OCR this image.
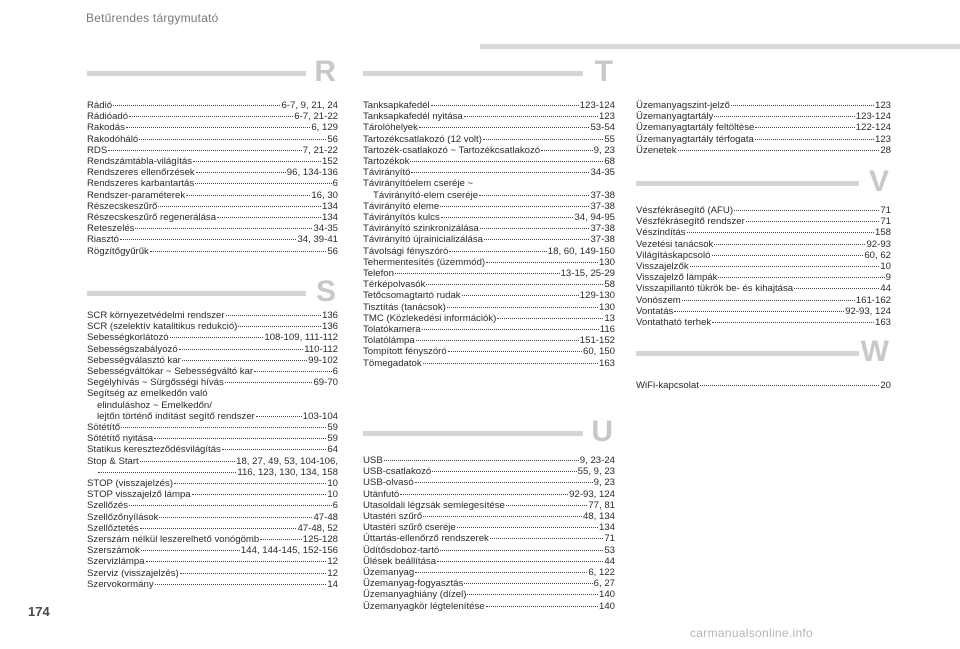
Betűrendes tárgymutató
R
Rádió	6-7, 9, 21, 24
Rádióadó	6-7, 21-22
Rakodás	6, 129
Rakodóháló	56
RDS	7, 21-22
Rendszámtábla-világítás	152
Rendszeres ellenőrzések	96, 134-136
Rendszeres karbantartás	6
Rendszer-paraméterek	16, 30
Részecskeszűrő	134
Részecskeszűrő regenerálása	134
Reteszelés	34-35
Riasztó	34, 39-41
Rögzítőgyűrűk	56
S
SCR környezetvédelmi rendszer	136
SCR (szelektív katalitikus redukció)	136
Sebességkorlátozó	108-109, 111-112
Sebességszabályozó	110-112
Sebességválasztó kar	99-102
Sebességváltókar ~ Sebességváltó kar	6
Segélyhívás ~ Sürgősségi hívás	69-70
Segítség az emelkedőn való
elinduláshoz ~ Emelkedőn/
lejtőn történő indítást segítő rendszer	103-104
Sötétítő	59
Sötétítő nyitása	59
Statikus kereszteződésvilágítás	64
Stop & Start	18, 27, 49, 53, 104-106,
116, 123, 130, 134, 158
STOP (visszajelzés)	10
STOP visszajelző lámpa	10
Szellőzés	6
Szellőzőnyílások	47-48
Szellőztetés	47-48, 52
Szerszám nélkül leszerelhető vonógömb	125-128
Szerszámok	144, 144-145, 152-156
Szervizlámpa	12
Szerviz (visszajelzés)	12
Szervokormány	14
T
Tanksapkafedél	123-124
Tanksapkafedél nyitása	123
Tárolóhelyek	53-54
Tartozékcsatlakozó (12 volt)	55
Tartozék-csatlakozó ~ Tartozékcsatlakozó	9, 23
Tartozékok	68
Távirányító	34-35
Távirányítóelem cseréje ~
Távirányító-elem cseréje	37-38
Távirányító eleme	37-38
Távirányítós kulcs	34, 94-95
Távirányító szinkronizálása	37-38
Távirányító újrainicializálása	37-38
Távolsági fényszóró	18, 60, 149-150
Tehermentesítés (üzemmód)	130
Telefon	13-15, 25-29
Térképolvasók	58
Tetőcsomagtartó rudak	129-130
Tisztítás (tanácsok)	130
TMC (Közlekedési információk)	13
Tolatókamera	116
Tolatólámpa	151-152
Tompított fényszóró	60, 150
Tömegadatok	163
U
USB	9, 23-24
USB-csatlakozó	55, 9, 23
USB-olvasó	9, 23
Utánfutó	92-93, 124
Utasoldali légzsák semlegesítése	77, 81
Utastéri szűrő	48, 134
Utastéri szűrő cseréje	134
Úttartás-ellenőrző rendszerek	71
Üdítősdoboz-tartó	53
Ülések beállítása	44
Üzemanyag	6, 122
Üzemanyag-fogyasztás	6, 27
Üzemanyaghiány (dízel)	140
Üzemanyagkör légtelenítése	140
Üzemanyagszint-jelző	123
Üzemanyagtartály	123-124
Üzemanyagtartály feltöltése	122-124
Üzemanyagtartály térfogata	123
Üzenetek	28
V
Vészfékrásegítő (AFU)	71
Vészfékrásegítő rendszer	71
Vészindítás	158
Vezetési tanácsok	92-93
Világításkapcsoló	60, 62
Visszajelzők	10
Visszajelző lámpák	9
Visszapillantó tükrök be- és kihajtása	44
Vonószem	161-162
Vontatás	92-93, 124
Vontatható terhek	163
W
WiFi-kapcsolat	20
174
carmanualsonline.info
